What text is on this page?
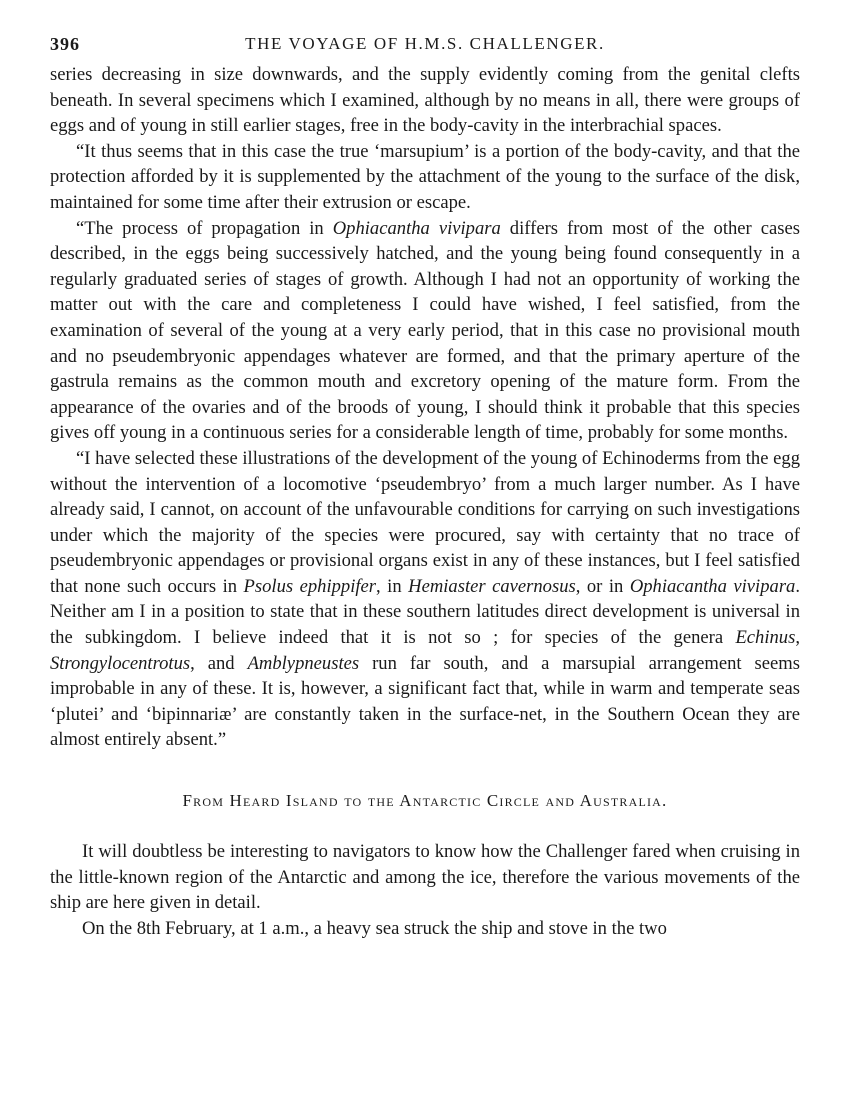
396	THE VOYAGE OF H.M.S. CHALLENGER.

series decreasing in size downwards, and the supply evidently coming from the genital clefts beneath. In several specimens which I examined, although by no means in all, there were groups of eggs and of young in still earlier stages, free in the body-cavity in the interbrachial spaces.

“It thus seems that in this case the true ‘marsupium’ is a portion of the body-cavity, and that the protection afforded by it is supplemented by the attachment of the young to the surface of the disk, maintained for some time after their extrusion or escape.

“The process of propagation in Ophiacantha vivipara differs from most of the other cases described, in the eggs being successively hatched, and the young being found consequently in a regularly graduated series of stages of growth. Although I had not an opportunity of working the matter out with the care and completeness I could have wished, I feel satisfied, from the examination of several of the young at a very early period, that in this case no provisional mouth and no pseudembryonic appendages whatever are formed, and that the primary aperture of the gastrula remains as the common mouth and excretory opening of the mature form. From the appearance of the ovaries and of the broods of young, I should think it probable that this species gives off young in a continuous series for a considerable length of time, probably for some months.

“I have selected these illustrations of the development of the young of Echinoderms from the egg without the intervention of a locomotive ‘pseudembryo’ from a much larger number. As I have already said, I cannot, on account of the unfavourable conditions for carrying on such investigations under which the majority of the species were procured, say with certainty that no trace of pseudembryonic appendages or provisional organs exist in any of these instances, but I feel satisfied that none such occurs in Psolus ephippifer, in Hemiaster cavernosus, or in Ophiacantha vivipara. Neither am I in a position to state that in these southern latitudes direct development is universal in the subkingdom. I believe indeed that it is not so ; for species of the genera Echinus, Strongylocentrotus, and Amblypneustes run far south, and a marsupial arrangement seems improbable in any of these. It is, however, a significant fact that, while in warm and temperate seas ‘plutei’ and ‘bipinnariæ’ are constantly taken in the surface-net, in the Southern Ocean they are almost entirely absent.”

From Heard Island to the Antarctic Circle and Australia.

It will doubtless be interesting to navigators to know how the Challenger fared when cruising in the little-known region of the Antarctic and among the ice, therefore the various movements of the ship are here given in detail.

On the 8th February, at 1 a.m., a heavy sea struck the ship and stove in the two
